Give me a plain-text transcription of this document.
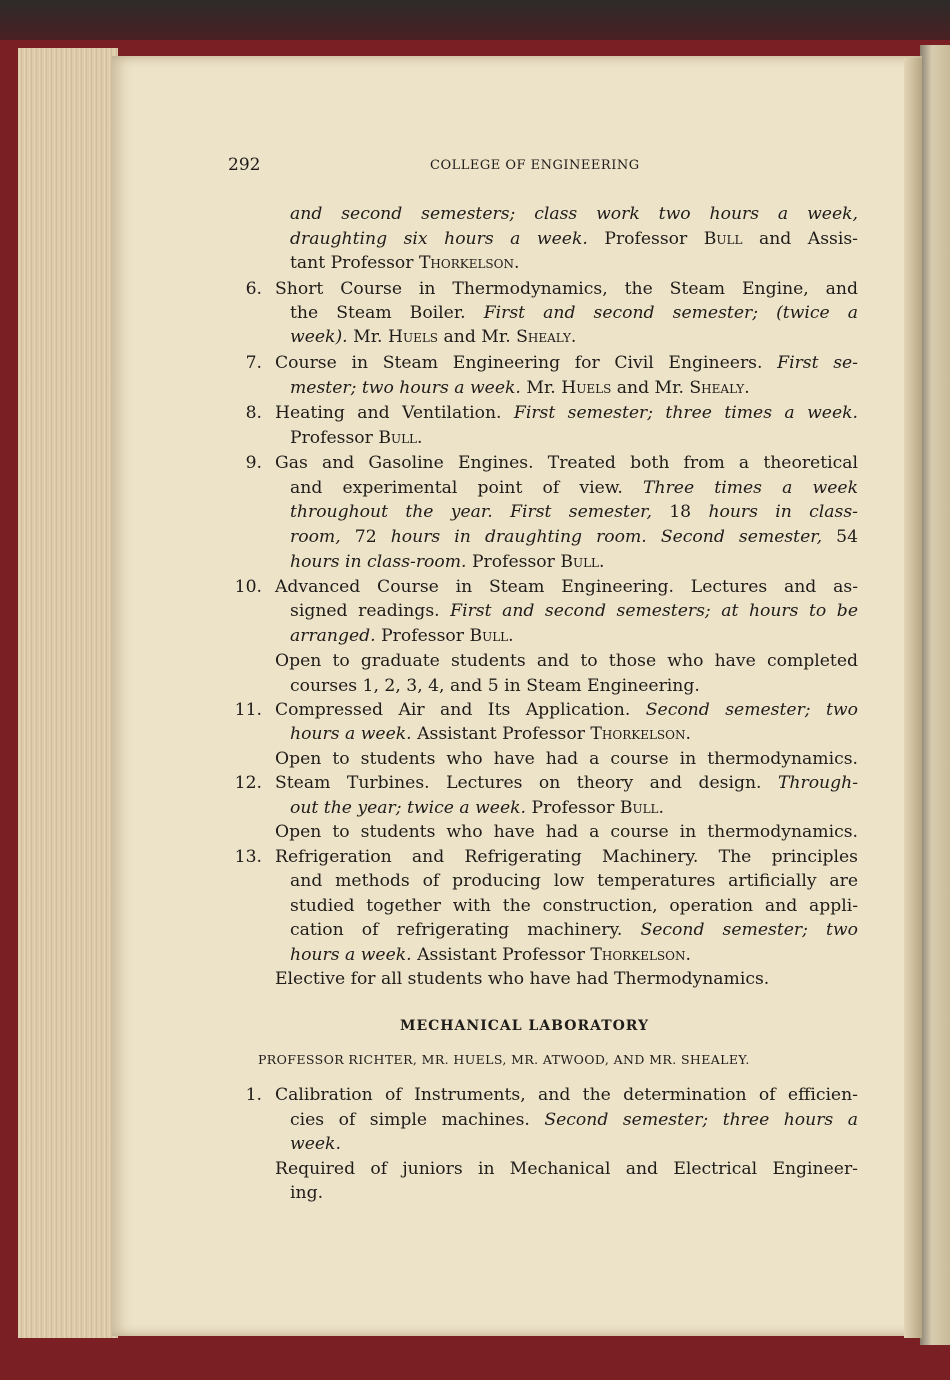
292	COLLEGE OF ENGINEERING
and second semesters; class work two hours a week,
draughting six hours a week. Professor Bull and Assis-
tant Professor Thorkelson.
6. Short Course in Thermodynamics, the Steam Engine, and
the Steam Boiler. First and second semester; (twice a
week). Mr. Huels and Mr. Shealy.
7. Course in Steam Engineering for Civil Engineers. First se-
mester; two hours a week. Mr. Huels and Mr. Shealy.
8. Heating and Ventilation. First semester; three times a week.
Professor Bull.
9. Gas and Gasoline Engines. Treated both from a theoretical
and experimental point of view. Three times a week
throughout the year. First semester, 18 hours in class-
room, 72 hours in draughting room. Second semester, 54
hours in class-room. Professor Bull.
10. Advanced Course in Steam Engineering. Lectures and as-
signed readings. First and second semesters; at hours to be
arranged. Professor Bull.
Open to graduate students and to those who have completed
courses 1, 2, 3, 4, and 5 in Steam Engineering.
11. Compressed Air and Its Application. Second semester; two
hours a week. Assistant Professor Thorkelson.
Open to students who have had a course in thermodynamics.
12. Steam Turbines. Lectures on theory and design. Through-
out the year; twice a week. Professor Bull.
Open to students who have had a course in thermodynamics.
13. Refrigeration and Refrigerating Machinery. The principles
and methods of producing low temperatures artificially are
studied together with the construction, operation and appli-
cation of refrigerating machinery. Second semester; two
hours a week. Assistant Professor Thorkelson.
Elective for all students who have had Thermodynamics.
MECHANICAL LABORATORY
PROFESSOR RICHTER, MR. HUELS, MR. ATWOOD, AND MR. SHEALEY.
1. Calibration of Instruments, and the determination of efficien-
cies of simple machines. Second semester; three hours a
week.
Required of juniors in Mechanical and Electrical Engineer-
ing.
